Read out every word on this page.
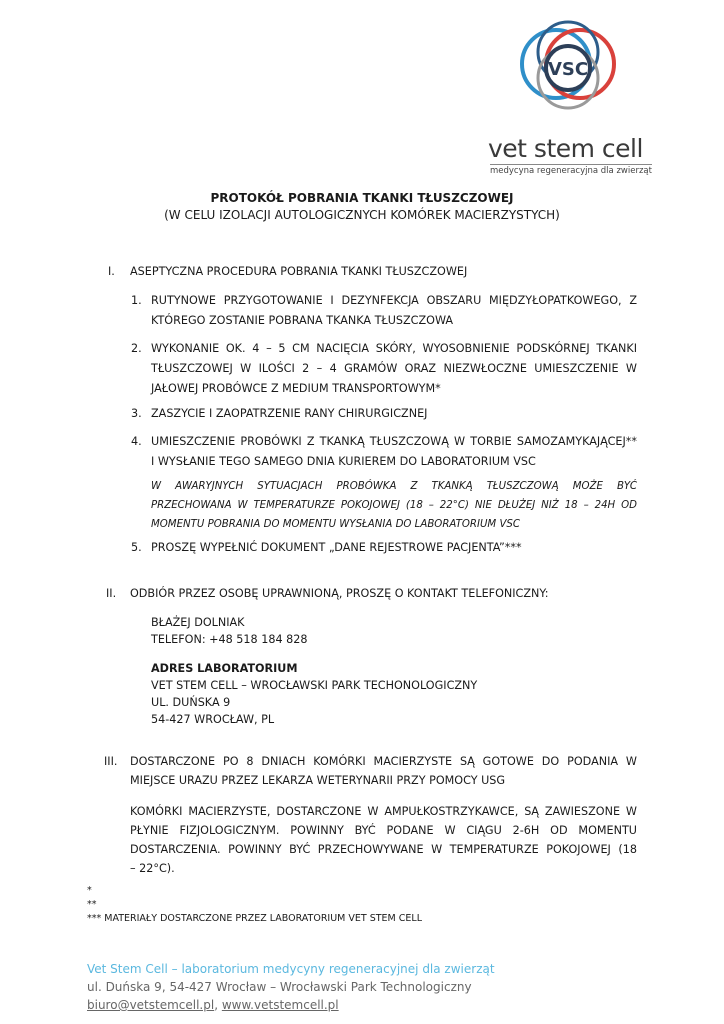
VSC
vet stem cell
medycyna regeneracyjna dla zwierząt
PROTOKÓŁ POBRANIA TKANKI TŁUSZCZOWEJ
(W CELU IZOLACJI AUTOLOGICZNYCH KOMÓREK MACIERZYSTYCH)
I. ASEPTYCZNA PROCEDURA POBRANIA TKANKI TŁUSZCZOWEJ
1. RUTYNOWE PRZYGOTOWANIE I DEZYNFEKCJA OBSZARU MIĘDZYŁOPATKOWEGO, Z
KTÓREGO ZOSTANIE POBRANA TKANKA TŁUSZCZOWA
2. WYKONANIE OK. 4 – 5 CM NACIĘCIA SKÓRY, WYOSOBNIENIE PODSKÓRNEJ TKANKI
TŁUSZCZOWEJ W ILOŚCI 2 – 4 GRAMÓW ORAZ NIEZWŁOCZNE UMIESZCZENIE W
JAŁOWEJ PROBÓWCE Z MEDIUM TRANSPORTOWYM*
3. ZASZYCIE I ZAOPATRZENIE RANY CHIRURGICZNEJ
4. UMIESZCZENIE PROBÓWKI Z TKANKĄ TŁUSZCZOWĄ W TORBIE SAMOZAMYKAJĄCEJ**
I WYSŁANIE TEGO SAMEGO DNIA KURIEREM DO LABORATORIUM VSC
W AWARYJNYCH SYTUACJACH PROBÓWKA Z TKANKĄ TŁUSZCZOWĄ MOŻE BYĆ
PRZECHOWANA W TEMPERATURZE POKOJOWEJ (18 – 22°C) NIE DŁUŻEJ NIŻ 18 – 24H OD
MOMENTU POBRANIA DO MOMENTU WYSŁANIA DO LABORATORIUM VSC
5. PROSZĘ WYPEŁNIĆ DOKUMENT „DANE REJESTROWE PACJENTA”***
II. ODBIÓR PRZEZ OSOBĘ UPRAWNIONĄ, PROSZĘ O KONTAKT TELEFONICZNY:
BŁAŻEJ DOLNIAK
TELEFON: +48 518 184 828
ADRES LABORATORIUM
VET STEM CELL – WROCŁAWSKI PARK TECHONOLOGICZNY
UL. DUŃSKA 9
54-427 WROCŁAW, PL
III. DOSTARCZONE PO 8 DNIACH KOMÓRKI MACIERZYSTE SĄ GOTOWE DO PODANIA W
MIEJSCE URAZU PRZEZ LEKARZA WETERYNARII PRZY POMOCY USG
KOMÓRKI MACIERZYSTE, DOSTARCZONE W AMPUŁKOSTRZYKAWCE, SĄ ZAWIESZONE W
PŁYNIE FIZJOLOGICZNYM. POWINNY BYĆ PODANE W CIĄGU 2-6H OD MOMENTU
DOSTARCZENIA. POWINNY BYĆ PRZECHOWYWANE W TEMPERATURZE POKOJOWEJ (18
– 22°C).
*
**
*** MATERIAŁY DOSTARCZONE PRZEZ LABORATORIUM VET STEM CELL
Vet Stem Cell – laboratorium medycyny regeneracyjnej dla zwierząt
ul. Duńska 9, 54-427 Wrocław – Wrocławski Park Technologiczny
biuro@vetstemcell.pl, www.vetstemcell.pl
